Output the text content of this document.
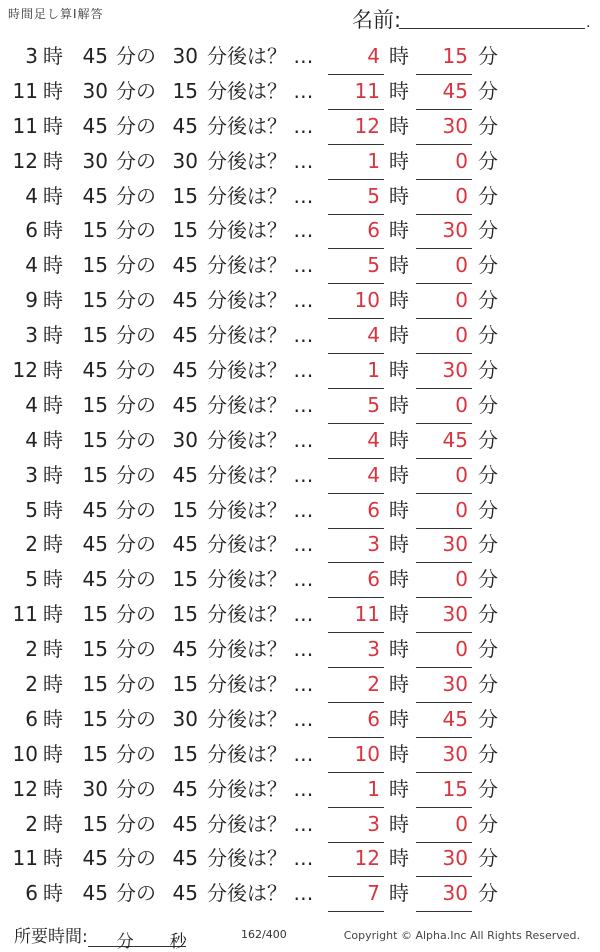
時間足し算I解答	名前:	.
3 時 45 分の 30 分後は？ …	4 時	15 分
11 時 30 分の 15 分後は？ …	11 時	45 分
11 時 45 分の 45 分後は？ …	12 時	30 分
12 時 30 分の 30 分後は？ …	1 時	0 分
4 時 45 分の 15 分後は？ …	5 時	0 分
6 時 15 分の 15 分後は？ …	6 時	30 分
4 時 15 分の 45 分後は？ …	5 時	0 分
9 時 15 分の 45 分後は？ …	10 時	0 分
3 時 15 分の 45 分後は？ …	4 時	0 分
12 時 45 分の 45 分後は？ …	1 時	30 分
4 時 15 分の 45 分後は？ …	5 時	0 分
4 時 15 分の 30 分後は？ …	4 時	45 分
3 時 15 分の 45 分後は？ …	4 時	0 分
5 時 45 分の 15 分後は？ …	6 時	0 分
2 時 45 分の 45 分後は？ …	3 時	30 分
5 時 45 分の 15 分後は？ …	6 時	0 分
11 時 15 分の 15 分後は？ …	11 時	30 分
2 時 15 分の 45 分後は？ …	3 時	0 分
2 時 15 分の 15 分後は？ …	2 時	30 分
6 時 15 分の 30 分後は？ …	6 時	45 分
10 時 15 分の 15 分後は？ …	10 時	30 分
12 時 30 分の 45 分後は？ …	1 時	15 分
2 時 15 分の 45 分後は？ …	3 時	0 分
11 時 45 分の 45 分後は？ …	12 時	30 分
6 時 45 分の 45 分後は？ …	7 時	30 分
所要時間: 分 秒	162/400	Copyright © Alpha.Inc All Rights Reserved.
